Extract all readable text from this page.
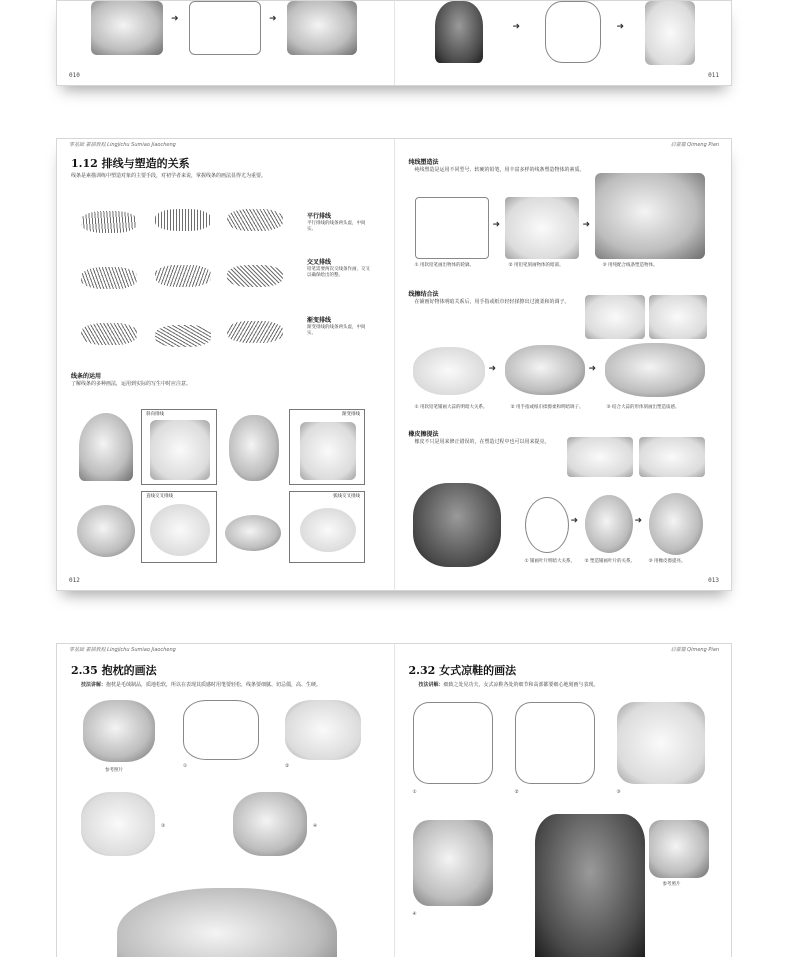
➜	➜
010
➜	➜
011
零基础 素描教程 Lingjichu Sumiao Jiaocheng
1.12 排线与塑造的关系
线条是素描训练中塑造对象的主要手段，对初学者来说，掌握线条的画法显得尤为重要。
平行排线
平行排线的线条两头虚，中间实。
交叉排线
铅笔需要两次交线条作画，交叉以确保绘出的整。
渐变排线
渐变排线的线条两头虚，中间实。
线条的运用
了解线条的多种画法，运用到实际的写生中时应注意。
斜向排线	渐变排线
直线交叉排线	弧线交叉排线
012
启蒙篇 Qimeng Pian
纯线塑造法
纯线塑造是运用不同型号、软硬的铅笔，用丰富多样的线条塑造物体的素质。
➜	➜
① 用软铅笔画出物体的轮廓。	② 用铅笔刻画物体的暗部。	③ 用纯配合线条塑造物体。
线擦结合法
在铺画好物体明暗关系后，用手指或纸巾轻轻揉擦出过渡柔和的调子。
➜	➜
① 用软铅笔铺画大蒜的明暗大关系。	② 用手指或纸巾揉擦柔和明暗调子。	③ 结合大蒜的形体刻画出塑造质感。
橡皮擦提法
橡皮不只是用来修正错误的，在塑造过程中也可以用来提亮。
➜	➜
① 铺画叶片明暗大关系。	② 塑造铺画叶片的关系。	③ 用橡皮擦提亮。
013
零基础 素描教程 Lingjichu Sumiao Jiaocheng
2.35 抱枕的画法
技法讲解：抱枕是毛绒制品，质地松软，所以在表现其质感时用笔要轻松，线条要细腻、切忌僵，高、生硬。
参考照片
①	②
③	④
启蒙篇 Qimeng Pian
2.32 女式凉鞋的画法
技法讲解：细致之处见功夫，女式凉鞋各处的细节和高部都要细心地刻画与表现。
①	②	③
参考照片
④
